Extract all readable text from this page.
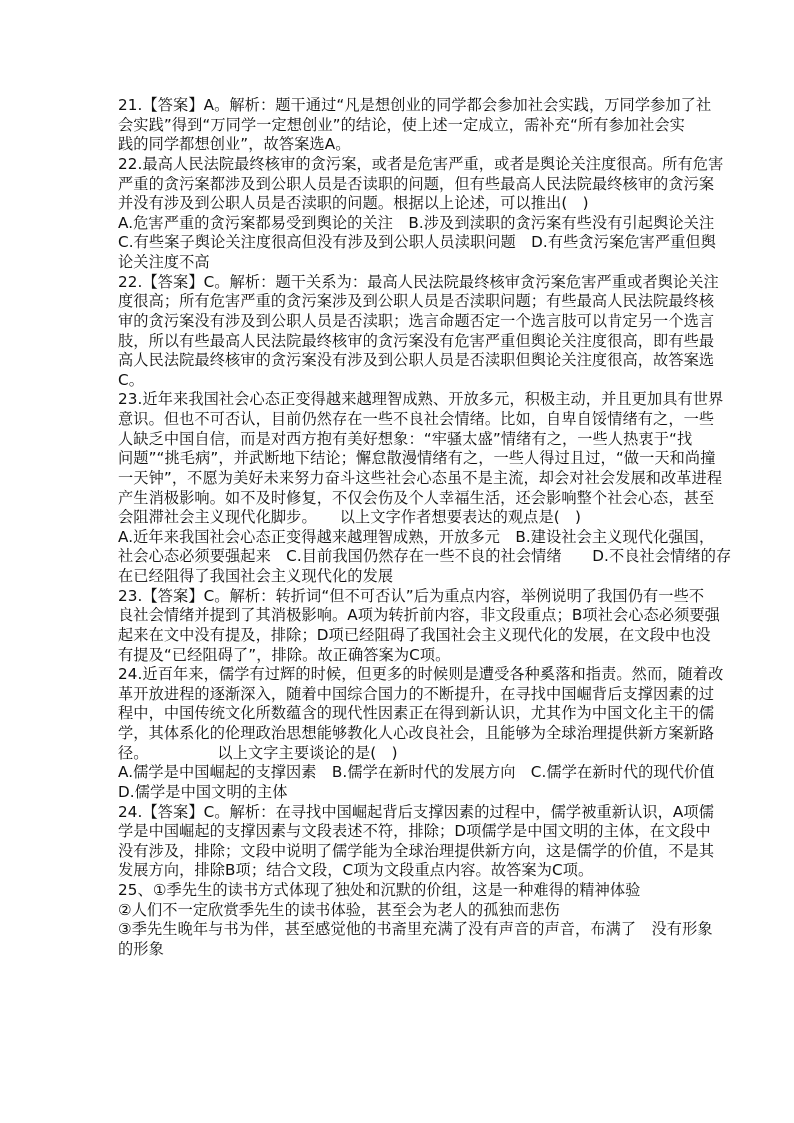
21.【答案】A。解析：题干通过“凡是想创业的同学都会参加社会实践，万同学参加了社
会实践”得到“万同学一定想创业”的结论，使上述一定成立，需补充“所有参加社会实
践的同学都想创业”，故答案选A。
22.最高人民法院最终核审的贪污案，或者是危害严重，或者是舆论关注度很高。所有危害
严重的贪污案都涉及到公职人员是否读职的问题，但有些最高人民法院最终核审的贪污案
并没有涉及到公职人员是否渎职的问题。根据以上论述，可以推出(　)
A.危害严重的贪污案都易受到舆论的关注　B.涉及到渎职的贪污案有些没有引起舆论关注
C.有些案子舆论关注度很高但没有涉及到公职人员渎职问题　D.有些贪污案危害严重但舆
论关注度不高
22.【答案】C。解析：题干关系为：最高人民法院最终核审贪污案危害严重或者舆论关注
度很高；所有危害严重的贪污案涉及到公职人员是否渎职问题；有些最高人民法院最终核
审的贪污案没有涉及到公职人员是否渎职；选言命题否定一个选言肢可以肯定另一个选言
肢，所以有些最高人民法院最终核审的贪污案没有危害严重但舆论关注度很高，即有些最
高人民法院最终核审的贪污案没有涉及到公职人员是否渎职但舆论关注度很高，故答案选
C。
23.近年来我国社会心态正变得越来越理智成熟、开放多元，积极主动，并且更加具有世界
意识。但也不可否认，目前仍然存在一些不良社会情绪。比如，自卑自馁情绪有之，一些
人缺乏中国自信，而是对西方抱有美好想象：“牢骚太盛”情绪有之，一些人热衷于“找
问题”“挑毛病”，并武断地下结论；懈怠散漫情绪有之，一些人得过且过，“做一天和尚撞
一天钟”，不愿为美好未来努力奋斗这些社会心态虽不是主流，却会对社会发展和改革进程
产生消极影响。如不及时修复，不仅会伤及个人幸福生活，还会影响整个社会心态，甚至
会阻滞社会主义现代化脚步。　　以上文字作者想要表达的观点是(　)
A.近年来我国社会心态正变得越来越理智成熟，开放多元　B.建设社会主义现代化强国，
社会心态必须要强起来　C.目前我国仍然存在一些不良的社会情绪　　D.不良社会情绪的存
在已经阻得了我国社会主义现代化的发展
23.【答案】C。解析：转折词“但不可否认”后为重点内容，举例说明了我国仍有一些不
良社会情绪并提到了其消极影响。A项为转折前内容，非文段重点；B项社会心态必须要强
起来在文中没有提及，排除；D项已经阻碍了我国社会主义现代化的发展，在文段中也没
有提及“已经阻碍了”，排除。故正确答案为C项。
24.近百年来，儒学有过辉的时候，但更多的时候则是遭受各种奚落和指责。然而，随着改
革开放进程的逐渐深入，随着中国综合国力的不断提升，在寻找中国崛背后支撑因素的过
程中，中国传统文化所数蕴含的现代性因素正在得到新认识，尤其作为中国文化主干的儒
学，其体系化的伦理政治思想能够教化人心改良社会，且能够为全球治理提供新方案新路
径。　　　　　以上文字主要谈论的是(　)
A.儒学是中国崛起的支撑因素　B.儒学在新时代的发展方向　C.儒学在新时代的现代价值
D.儒学是中国文明的主体
24.【答案】C。解析：在寻找中国崛起背后支撑因素的过程中，儒学被重新认识，A项儒
学是中国崛起的支撑因素与文段表述不符，排除；D项儒学是中国文明的主体，在文段中
没有涉及，排除；文段中说明了儒学能为全球治理提供新方向，这是儒学的价值，不是其
发展方向，排除B项；结合文段，C项为文段重点内容。故答案为C项。
25、①季先生的读书方式体现了独处和沉默的价组，这是一种难得的精神体验
②人们不一定欣赏季先生的读书体验，甚至会为老人的孤独而悲伤
③季先生晚年与书为伴，甚至感觉他的书斋里充满了没有声音的声音，布满了　没有形象
的形象
